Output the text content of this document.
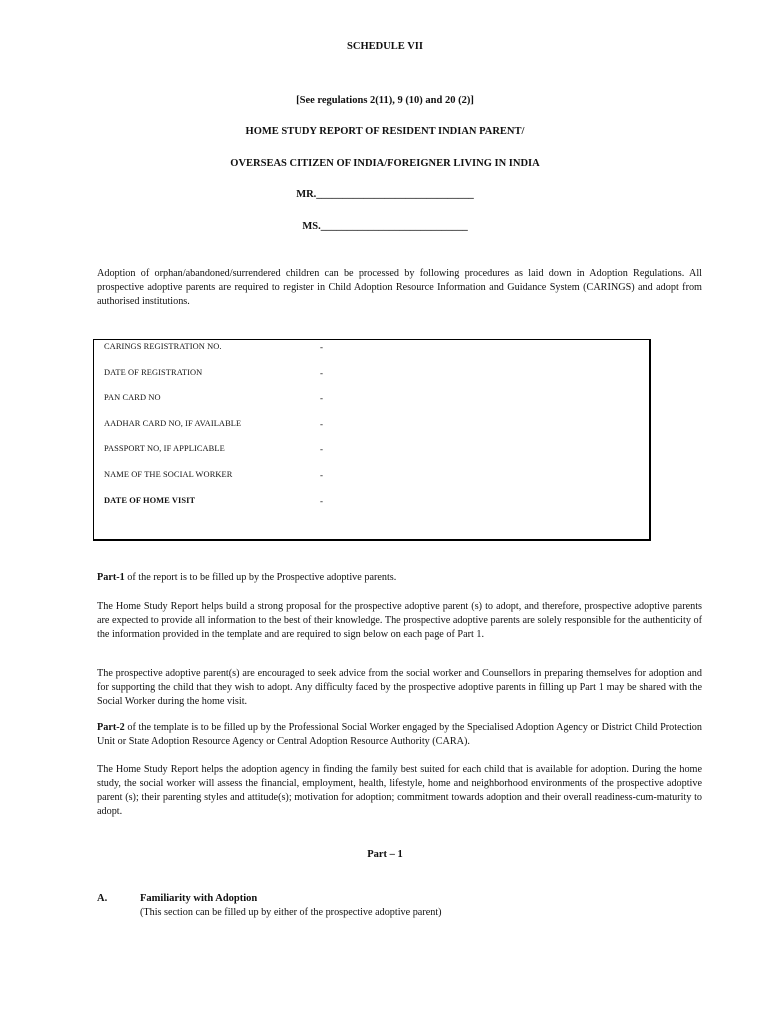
SCHEDULE VII
[See regulations 2(11), 9 (10) and 20 (2)]
HOME STUDY REPORT OF RESIDENT INDIAN PARENT/
OVERSEAS CITIZEN OF INDIA/FOREIGNER LIVING IN INDIA
MR.______________________________
MS.____________________________
Adoption of orphan/abandoned/surrendered children can be processed by following procedures as laid down in Adoption Regulations. All prospective adoptive parents are required to register in Child Adoption Resource Information and Guidance System (CARINGS) and adopt from authorised institutions.
CARINGS REGISTRATION NO.	-
DATE OF REGISTRATION	-
PAN CARD NO	-
AADHAR CARD NO, IF AVAILABLE	-
PASSPORT NO, IF APPLICABLE	-
NAME OF THE SOCIAL WORKER	-
DATE OF HOME VISIT	-
Part-1 of the report is to be filled up by the Prospective adoptive parents.
The Home Study Report helps build a strong proposal for the prospective adoptive parent (s) to adopt, and therefore, prospective adoptive parents are expected to provide all information to the best of their knowledge. The prospective adoptive parents are solely responsible for the authenticity of the information provided in the template and are required to sign below on each page of Part 1.
The prospective adoptive parent(s) are encouraged to seek advice from the social worker and Counsellors in preparing themselves for adoption and for supporting the child that they wish to adopt. Any difficulty faced by the prospective adoptive parents in filling up Part 1 may be shared with the Social Worker during the home visit.
Part-2 of the template is to be filled up by the Professional Social Worker engaged by the Specialised Adoption Agency or District Child Protection Unit or State Adoption Resource Agency or Central Adoption Resource Authority (CARA).
The Home Study Report helps the adoption agency in finding the family best suited for each child that is available for adoption. During the home study, the social worker will assess the financial, employment, health, lifestyle, home and neighborhood environments of the prospective adoptive parent (s); their parenting styles and attitude(s); motivation for adoption; commitment towards adoption and their overall readiness-cum-maturity to adopt.
Part – 1
A.	Familiarity with Adoption
(This section can be filled up by either of the prospective adoptive parent)
